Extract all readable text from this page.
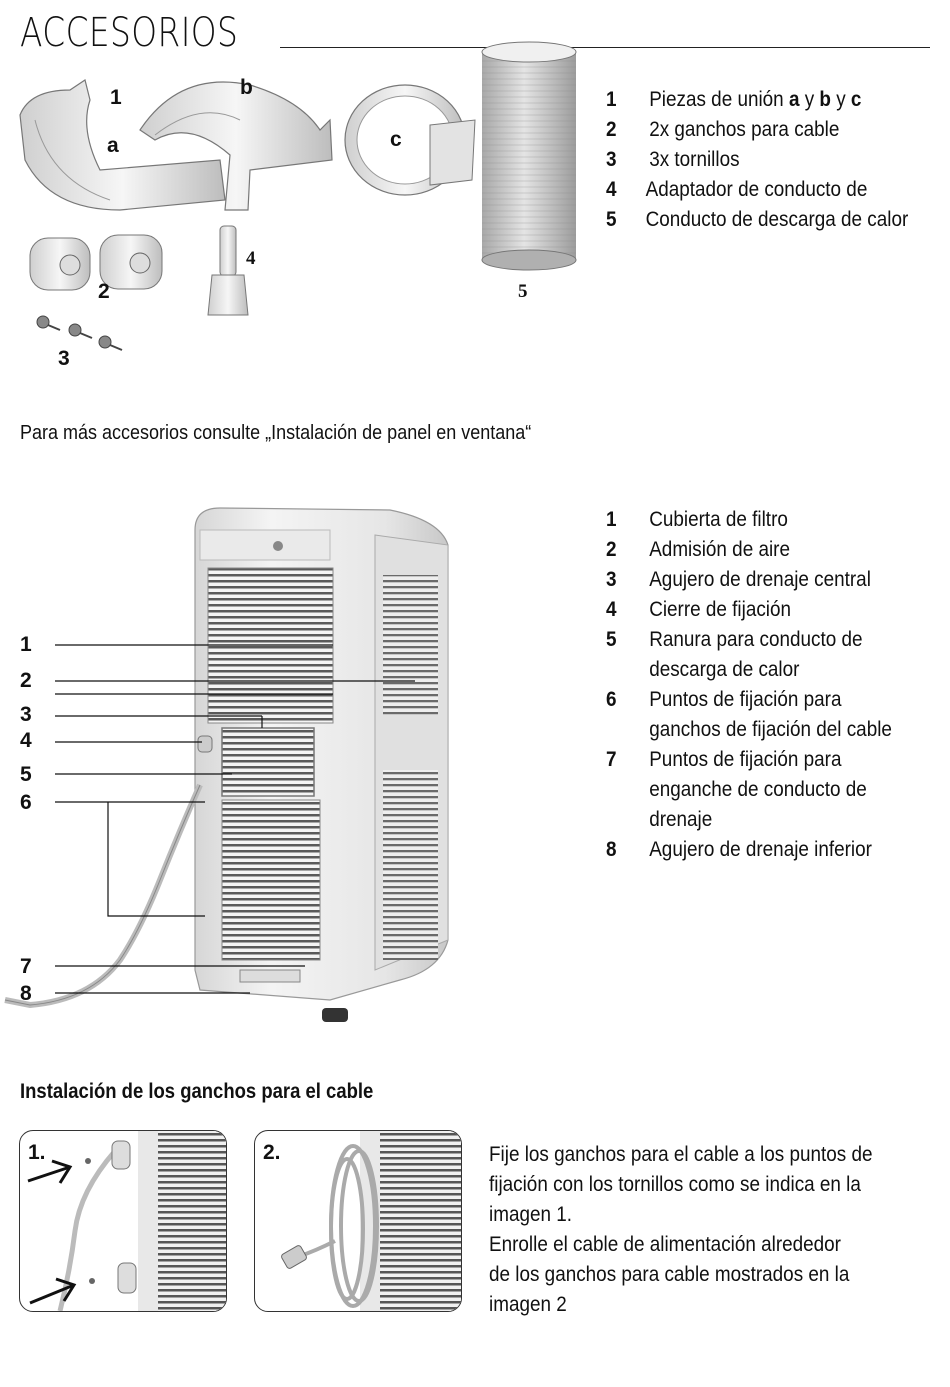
ACCESORIOS
1	b
a	c
4
2	5
3
1 Piezas de unión a y b y c
2 2x ganchos para cable
3 3x tornillos
4 Adaptador de conducto de
5 Conducto de descarga de calor
Para más accesorios consulte „Instalación de panel en ventana“
1
2
3
4
5
6
7
8
1 Cubierta de filtro
2 Admisión de aire
3 Agujero de drenaje central
4 Cierre de fijación
5 Ranura para conducto de
descarga de calor
6 Puntos de fijación para
ganchos de fijación del cable
7 Puntos de fijación para
enganche de conducto de
drenaje
8 Agujero de drenaje inferior
Instalación de los ganchos para el cable
1.	2.	Fije los ganchos para el cable a los puntos de

fijación con los tornillos como se indica en la

imagen 1.

Enrolle el cable de alimentación alrededor

de los ganchos para cable mostrados en la

imagen 2
